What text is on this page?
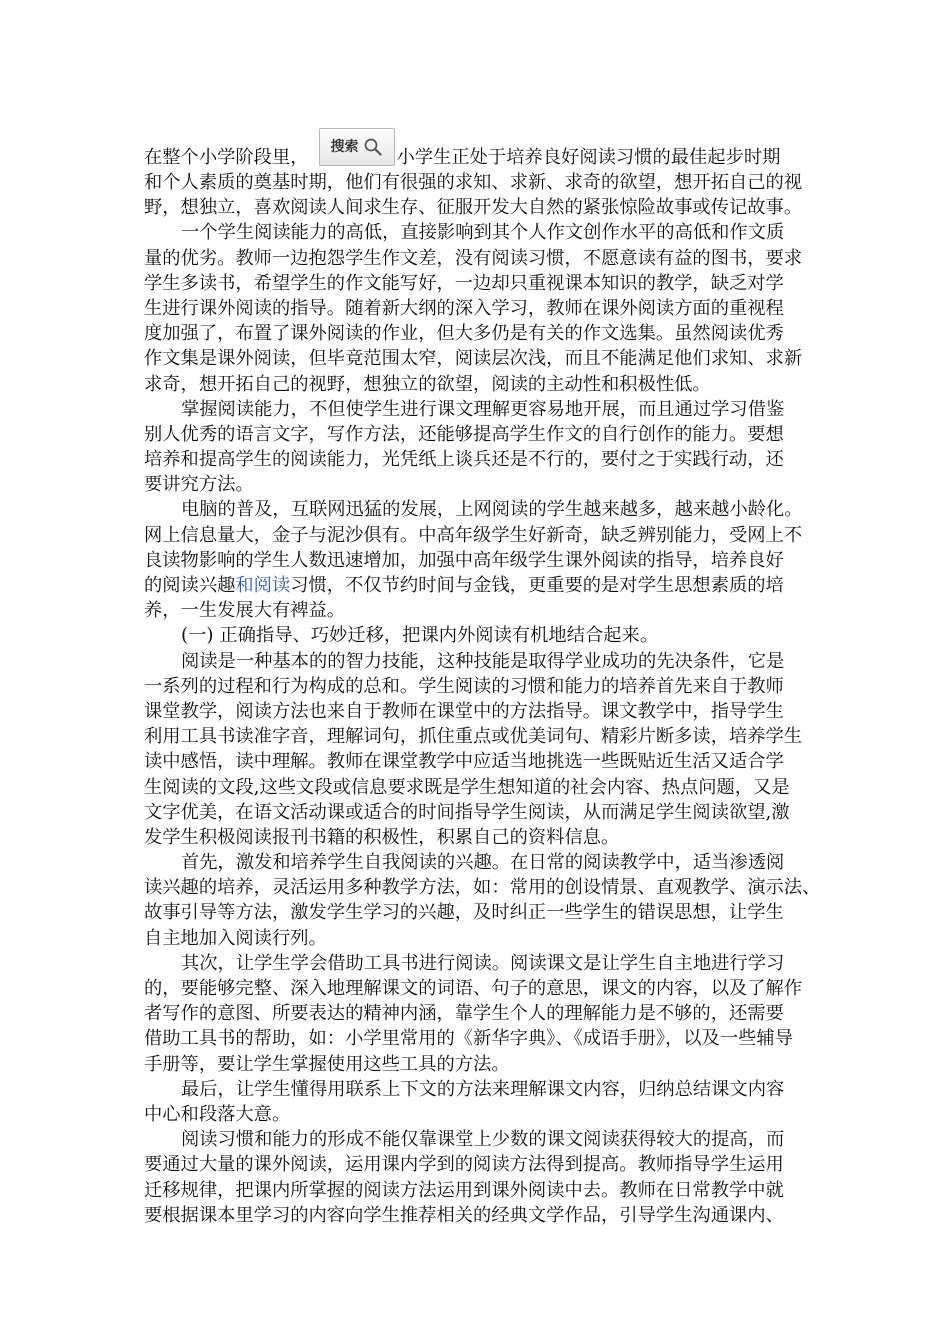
在整个小学阶段里，
搜索
小学生正处于培养良好阅读习惯的最佳起步时期
和个人素质的奠基时期，他们有很强的求知、求新、求奇的欲望，想开拓自己的视
野，想独立，喜欢阅读人间求生存、征服开发大自然的紧张惊险故事或传记故事。
一个学生阅读能力的高低，直接影响到其个人作文创作水平的高低和作文质
量的优劣。教师一边抱怨学生作文差，没有阅读习惯，不愿意读有益的图书，要求
学生多读书，希望学生的作文能写好，一边却只重视课本知识的教学，缺乏对学
生进行课外阅读的指导。随着新大纲的深入学习，教师在课外阅读方面的重视程
度加强了，布置了课外阅读的作业，但大多仍是有关的作文选集。虽然阅读优秀
作文集是课外阅读，但毕竟范围太窄，阅读层次浅，而且不能满足他们求知、求新
求奇，想开拓自己的视野，想独立的欲望，阅读的主动性和积极性低。
掌握阅读能力，不但使学生进行课文理解更容易地开展，而且通过学习借鉴
别人优秀的语言文字，写作方法，还能够提高学生作文的自行创作的能力。要想
培养和提高学生的阅读能力，光凭纸上谈兵还是不行的，要付之于实践行动，还
要讲究方法。
电脑的普及，互联网迅猛的发展，上网阅读的学生越来越多，越来越小龄化。
网上信息量大，金子与泥沙俱有。中高年级学生好新奇，缺乏辨别能力，受网上不
良读物影响的学生人数迅速增加，加强中高年级学生课外阅读的指导，培养良好
的阅读兴趣和阅读习惯，不仅节约时间与金钱，更重要的是对学生思想素质的培
养，一生发展大有裨益。
(一) 正确指导、巧妙迁移，把课内外阅读有机地结合起来。
阅读是一种基本的的智力技能，这种技能是取得学业成功的先决条件，它是
一系列的过程和行为构成的总和。学生阅读的习惯和能力的培养首先来自于教师
课堂教学，阅读方法也来自于教师在课堂中的方法指导。课文教学中，指导学生
利用工具书读准字音，理解词句，抓住重点或优美词句、精彩片断多读，培养学生
读中感悟，读中理解。教师在课堂教学中应适当地挑选一些既贴近生活又适合学
生阅读的文段,这些文段或信息要求既是学生想知道的社会内容、热点问题，又是
文字优美，在语文活动课或适合的时间指导学生阅读，从而满足学生阅读欲望,激
发学生积极阅读报刊书籍的积极性，积累自己的资料信息。
首先，激发和培养学生自我阅读的兴趣。在日常的阅读教学中，适当渗透阅
读兴趣的培养，灵活运用多种教学方法，如：常用的创设情景、直观教学、演示法、
故事引导等方法，激发学生学习的兴趣，及时纠正一些学生的错误思想，让学生
自主地加入阅读行列。
其次，让学生学会借助工具书进行阅读。阅读课文是让学生自主地进行学习
的，要能够完整、深入地理解课文的词语、句子的意思，课文的内容，以及了解作
者写作的意图、所要表达的精神内涵，靠学生个人的理解能力是不够的，还需要
借助工具书的帮助，如：小学里常用的《新华字典》、《成语手册》，以及一些辅导
手册等，要让学生掌握使用这些工具的方法。
最后，让学生懂得用联系上下文的方法来理解课文内容，归纳总结课文内容
中心和段落大意。
阅读习惯和能力的形成不能仅靠课堂上少数的课文阅读获得较大的提高，而
要通过大量的课外阅读，运用课内学到的阅读方法得到提高。教师指导学生运用
迁移规律，把课内所掌握的阅读方法运用到课外阅读中去。教师在日常教学中就
要根据课本里学习的内容向学生推荐相关的经典文学作品，引导学生沟通课内、
